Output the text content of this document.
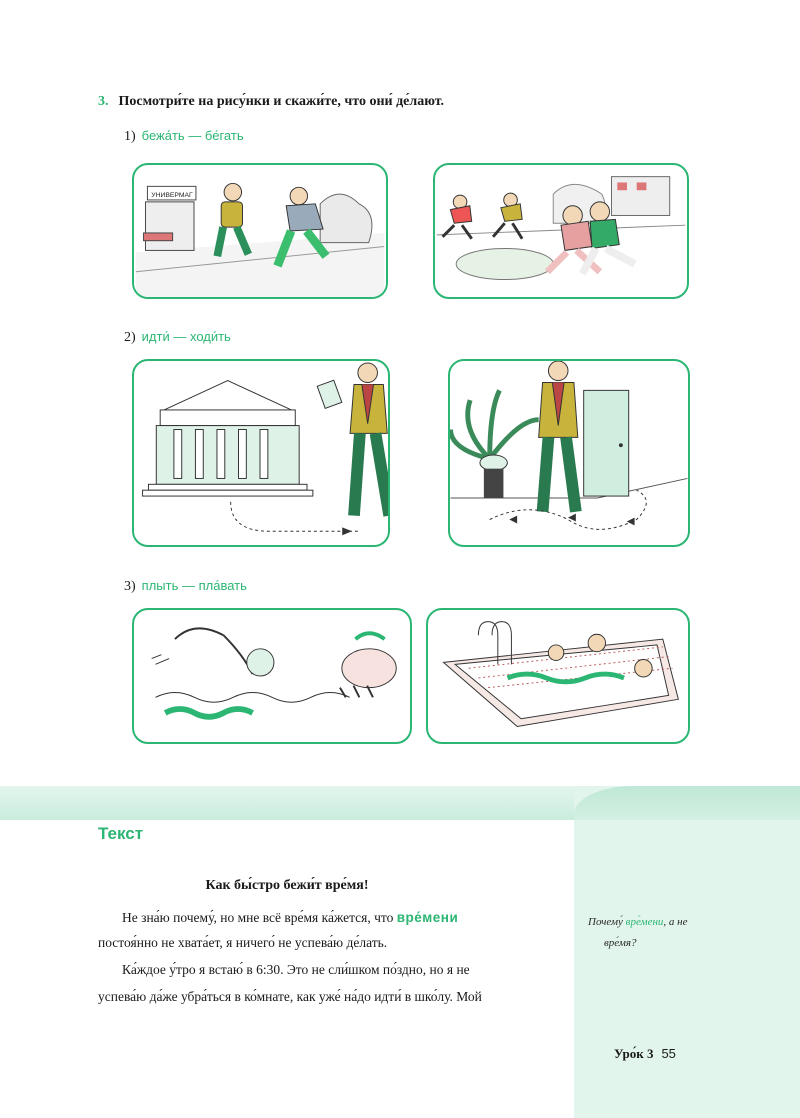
3. Посмотри́те на рису́нки и скажи́те, что они́ де́лают.
1) бежа́ть — бе́гать
УНИВЕРМАГ
2) идти́ — ходи́ть
3) плыть — пла́вать
Текст
Как бы́стро бежи́т вре́мя!
Не зна́ю почему́, но мне всё вре́мя ка́жется, что вре́мени
постоя́нно не хвата́ет, я ничего́ не успева́ю де́лать.
Ка́ждое у́тро я встаю́ в 6:30. Это не сли́шком по́здно, но я не
успева́ю да́же убра́ться в ко́мнате, как уже́ на́до идти́ в шко́лу. Мой
Почему́ вре́мени, а не
вре́мя?
Уро́к 3 55
